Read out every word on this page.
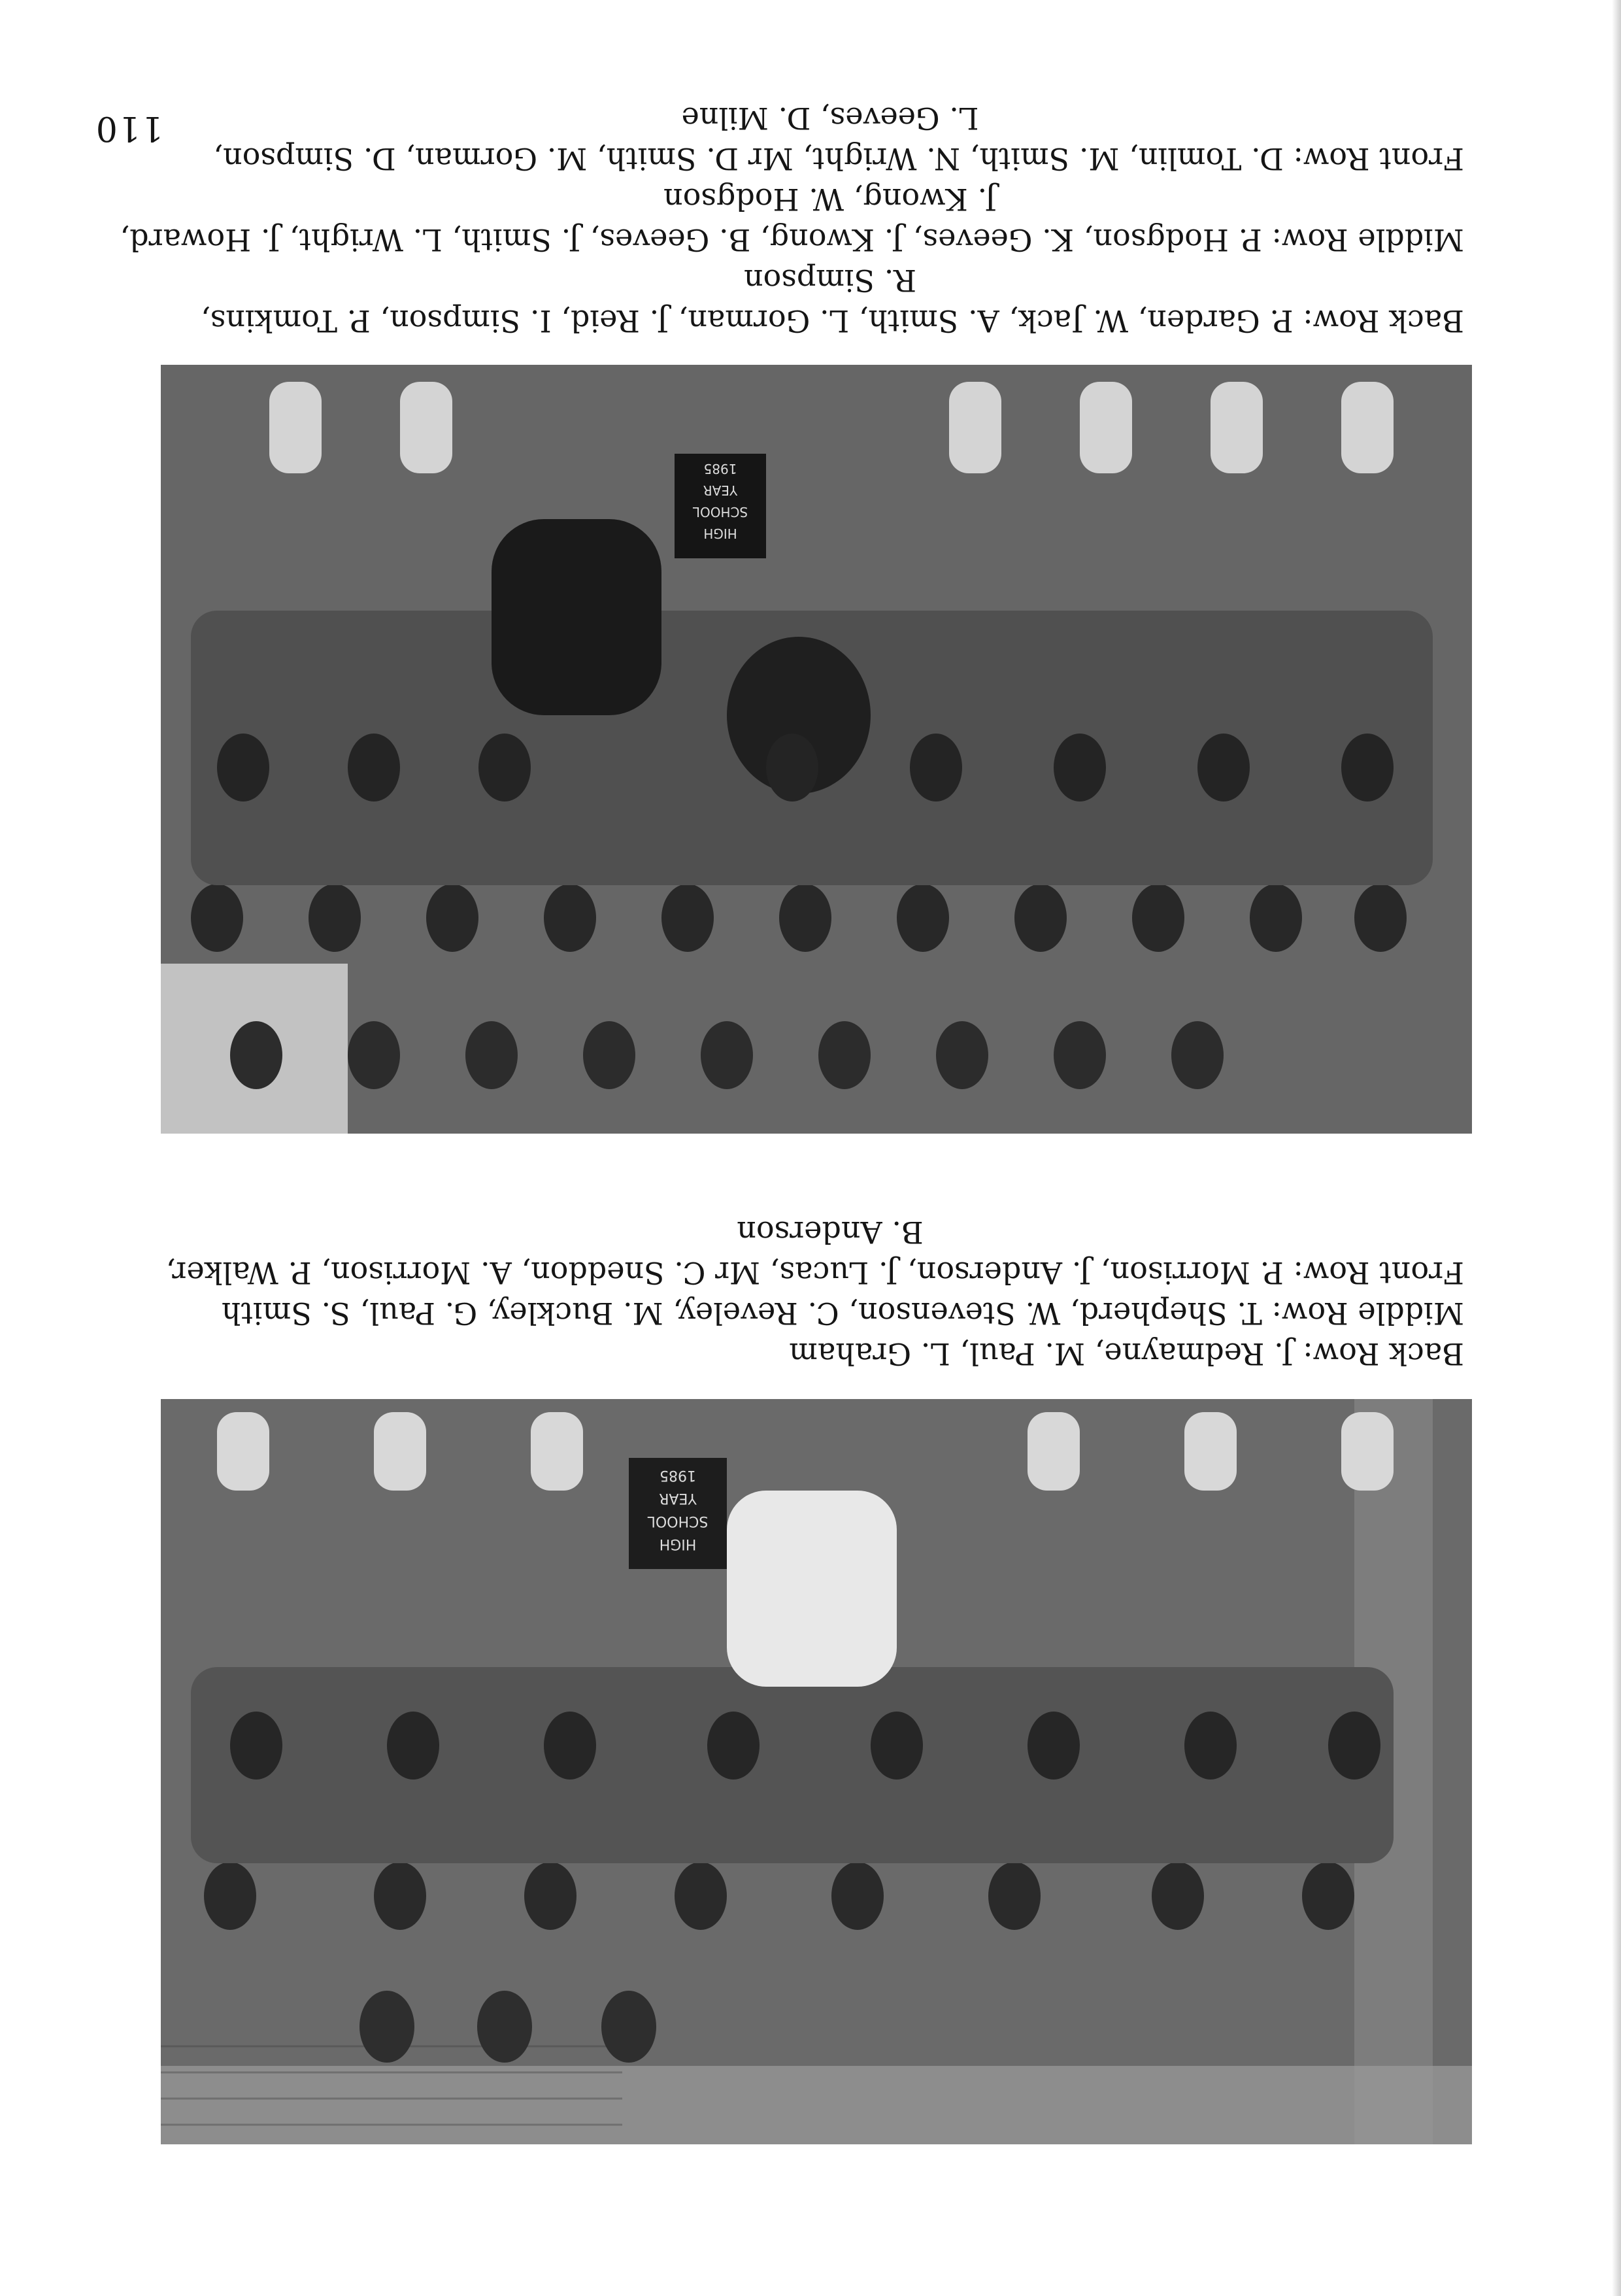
HIGH
SCHOOL
YEAR
1985
Back Row: J. Redmayne, M. Paul, L. Graham
Middle Row: T. Shepherd, W. Stevenson, C. Reveley, M. Buckley, G. Paul, S. Smith
Front Row: P. Morrison, J. Anderson, J. Lucas, Mr C. Sneddon, A. Morrison, P. Walker,
B. Anderson
HIGH
SCHOOL
YEAR
1985
Back Row: P. Garden, W. Jack, A. Smith, L. Gorman, J. Reid, I. Simpson, P. Tomkins,
R. Simpson
Middle Row: P. Hodgson, K. Geeves, J. Kwong, B. Geeves, J. Smith, L. Wright, J. Howard,
J. Kwong, W. Hodgson
Front Row: D. Tomlin, M. Smith, N. Wright, Mr D. Smith, M. Gorman, D. Simpson,
L. Geeves, D. Milne
110
